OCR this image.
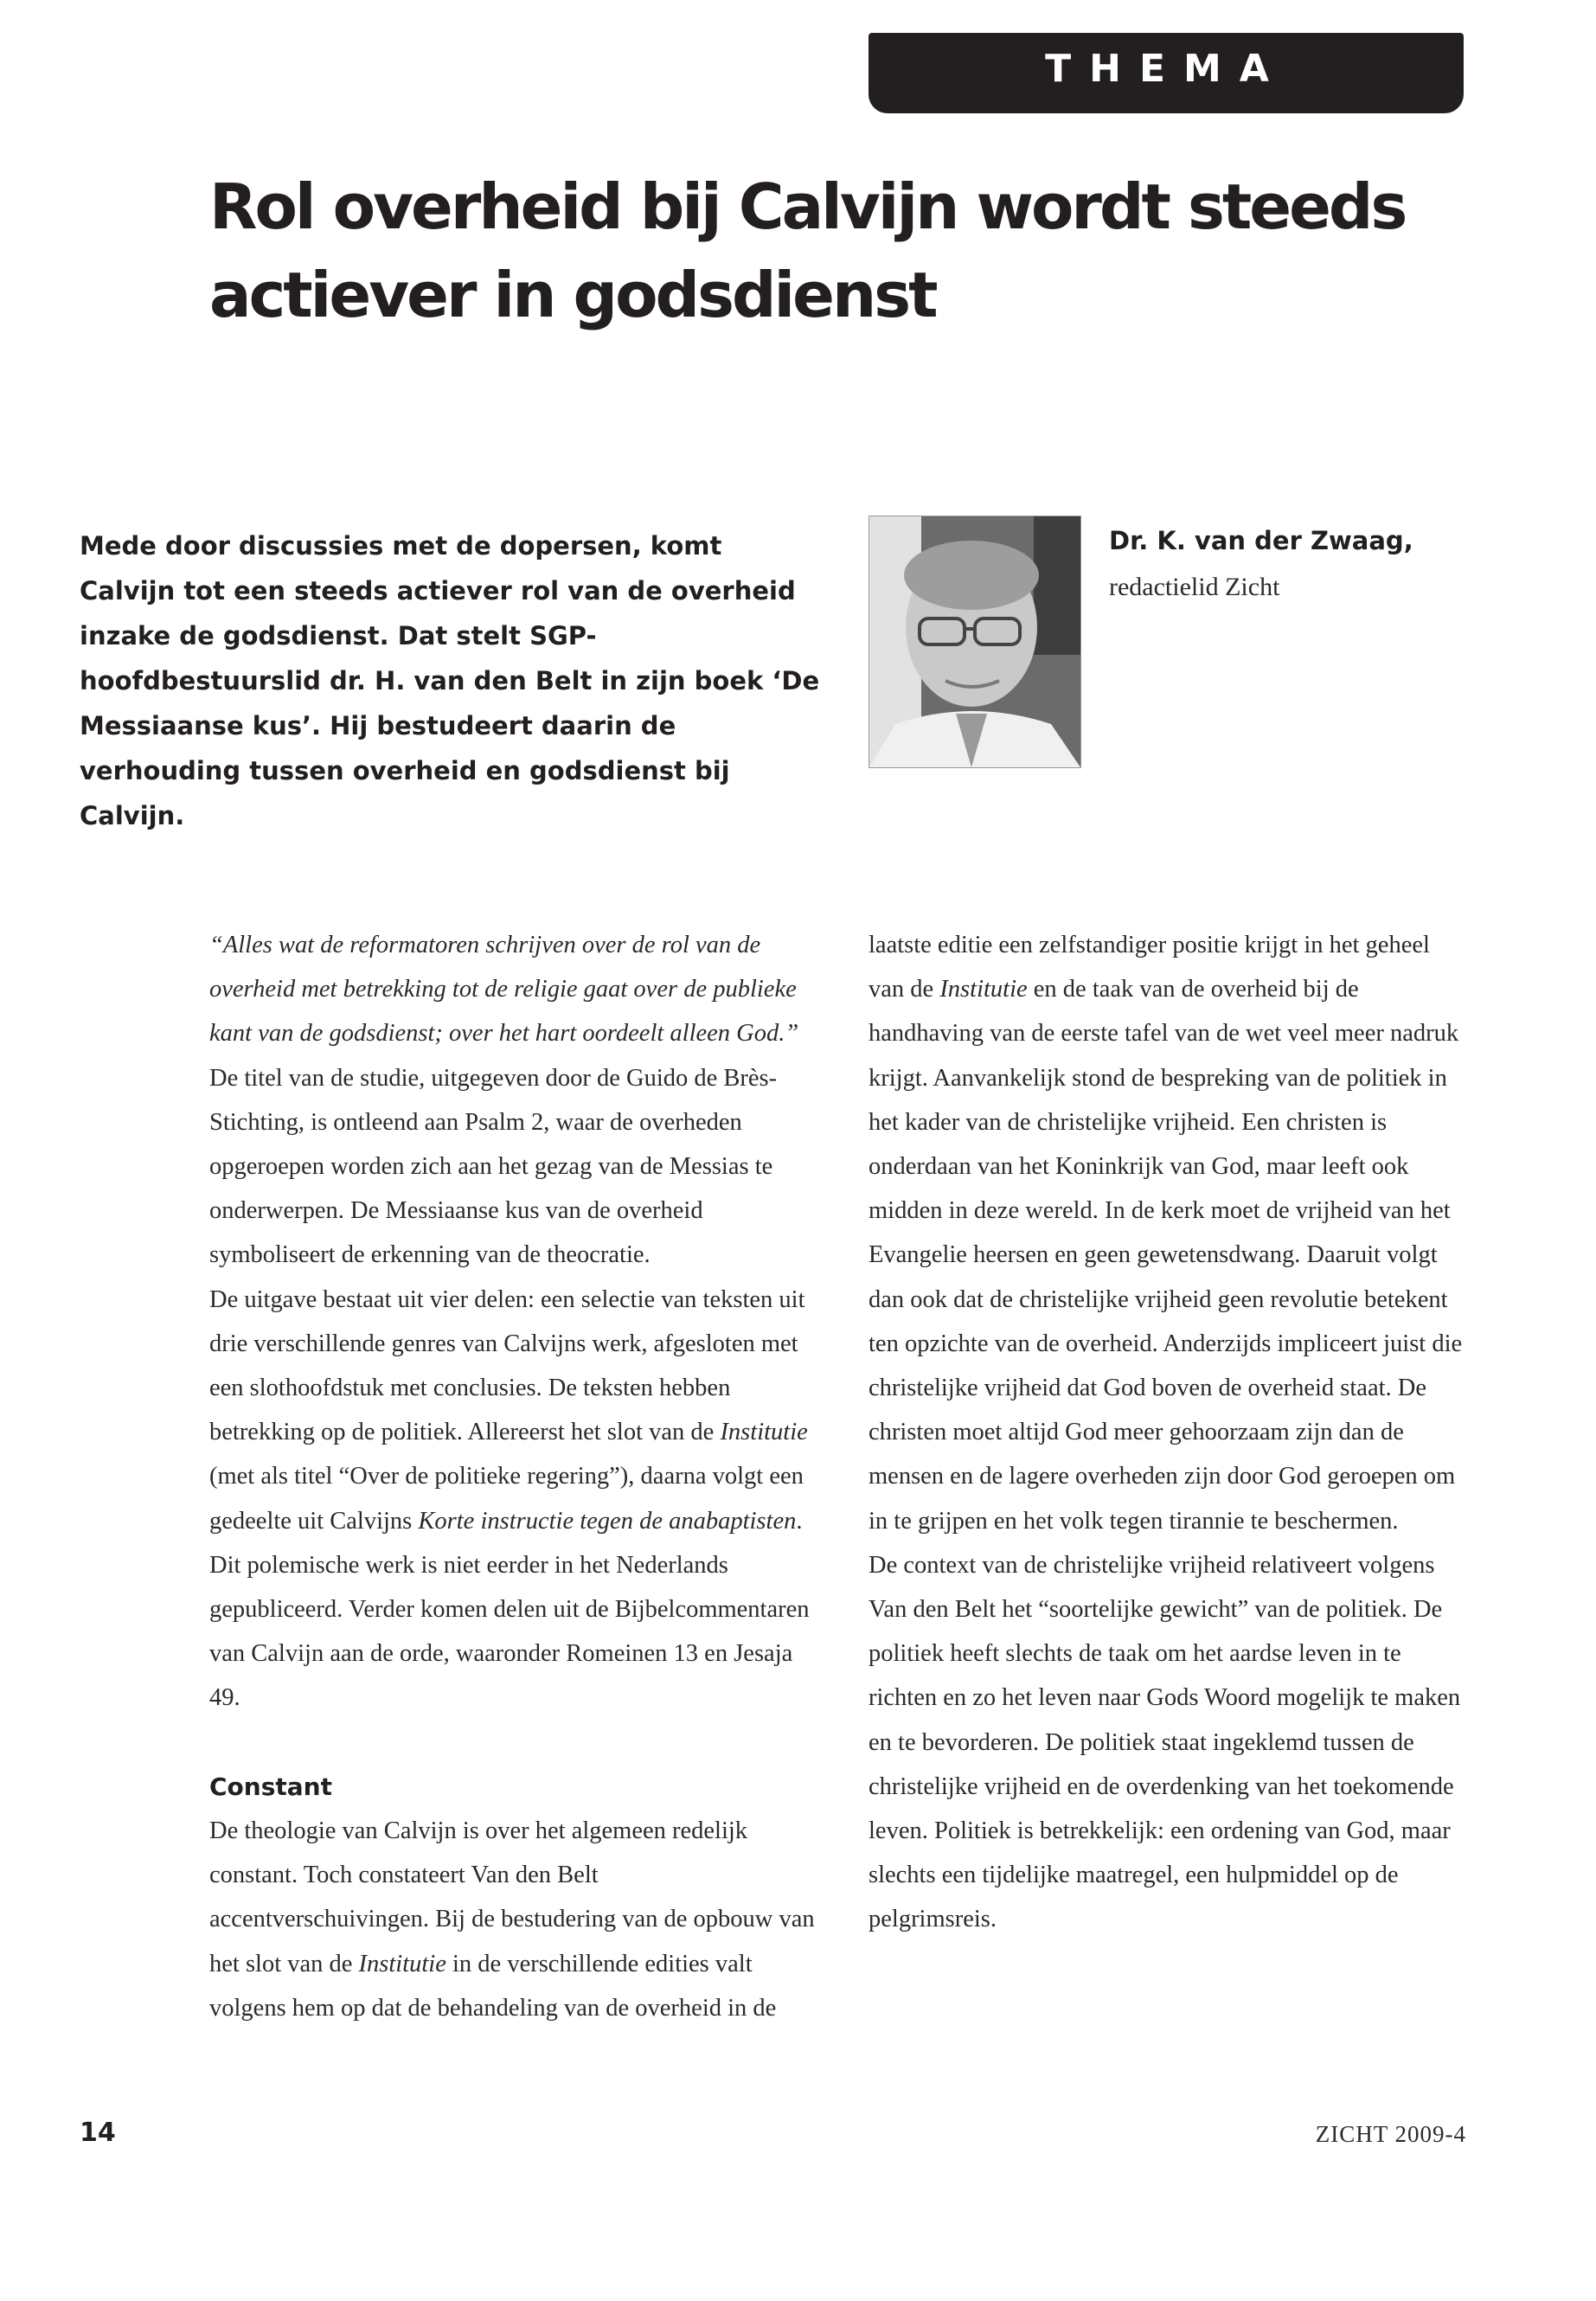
THEMA
Rol overheid bij Calvijn wordt steeds actiever in godsdienst

Mede door discussies met de dopersen, komt Calvijn tot een steeds actiever rol van de overheid inzake de godsdienst. Dat stelt SGP-hoofdbestuurslid dr. H. van den Belt in zijn boek ‘De Messiaanse kus’. Hij bestudeert daarin de verhouding tussen overheid en godsdienst bij Calvijn.

Dr. K. van der Zwaag,
redactielid Zicht

“Alles wat de reformatoren schrijven over de rol van de overheid met betrekking tot de religie gaat over de publieke kant van de godsdienst; over het hart oordeelt alleen God.”

De titel van de studie, uitgegeven door de Guido de Brès-Stichting, is ontleend aan Psalm 2, waar de overheden opgeroepen worden zich aan het gezag van de Messias te onderwerpen. De Messiaanse kus van de overheid symboliseert de erkenning van de theocratie.

De uitgave bestaat uit vier delen: een selectie van teksten uit drie verschillende genres van Calvijns werk, afgesloten met een slothoofdstuk met conclusies. De teksten hebben betrekking op de politiek. Allereerst het slot van de Institutie (met als titel “Over de politieke regering”), daarna volgt een gedeelte uit Calvijns Korte instructie tegen de anabaptisten. Dit polemische werk is niet eerder in het Nederlands gepubliceerd. Verder komen delen uit de Bijbelcommentaren van Calvijn aan de orde, waaronder Romeinen 13 en Jesaja 49.

Constant

De theologie van Calvijn is over het algemeen redelijk constant. Toch constateert Van den Belt accentverschuivingen. Bij de bestudering van de opbouw van het slot van de Institutie in de verschillende edities valt volgens hem op dat de behandeling van de overheid in de

laatste editie een zelfstandiger positie krijgt in het geheel van de Institutie en de taak van de overheid bij de handhaving van de eerste tafel van de wet veel meer nadruk krijgt. Aanvankelijk stond de bespreking van de politiek in het kader van de christelijke vrijheid. Een christen is onderdaan van het Koninkrijk van God, maar leeft ook midden in deze wereld. In de kerk moet de vrijheid van het Evangelie heersen en geen gewetensdwang. Daaruit volgt dan ook dat de christelijke vrijheid geen revolutie betekent ten opzichte van de overheid. Anderzijds impliceert juist die christelijke vrijheid dat God boven de overheid staat. De christen moet altijd God meer gehoorzaam zijn dan de mensen en de lagere overheden zijn door God geroepen om in te grijpen en het volk tegen tirannie te beschermen.

De context van de christelijke vrijheid relativeert volgens Van den Belt het “soortelijke gewicht” van de politiek. De politiek heeft slechts de taak om het aardse leven in te richten en zo het leven naar Gods Woord mogelijk te maken en te bevorderen. De politiek staat ingeklemd tussen de christelijke vrijheid en de overdenking van het toekomende leven. Politiek is betrekkelijk: een ordening van God, maar slechts een tijdelijke maatregel, een hulpmiddel op de pelgrimsreis.

14	ZICHT 2009-4
